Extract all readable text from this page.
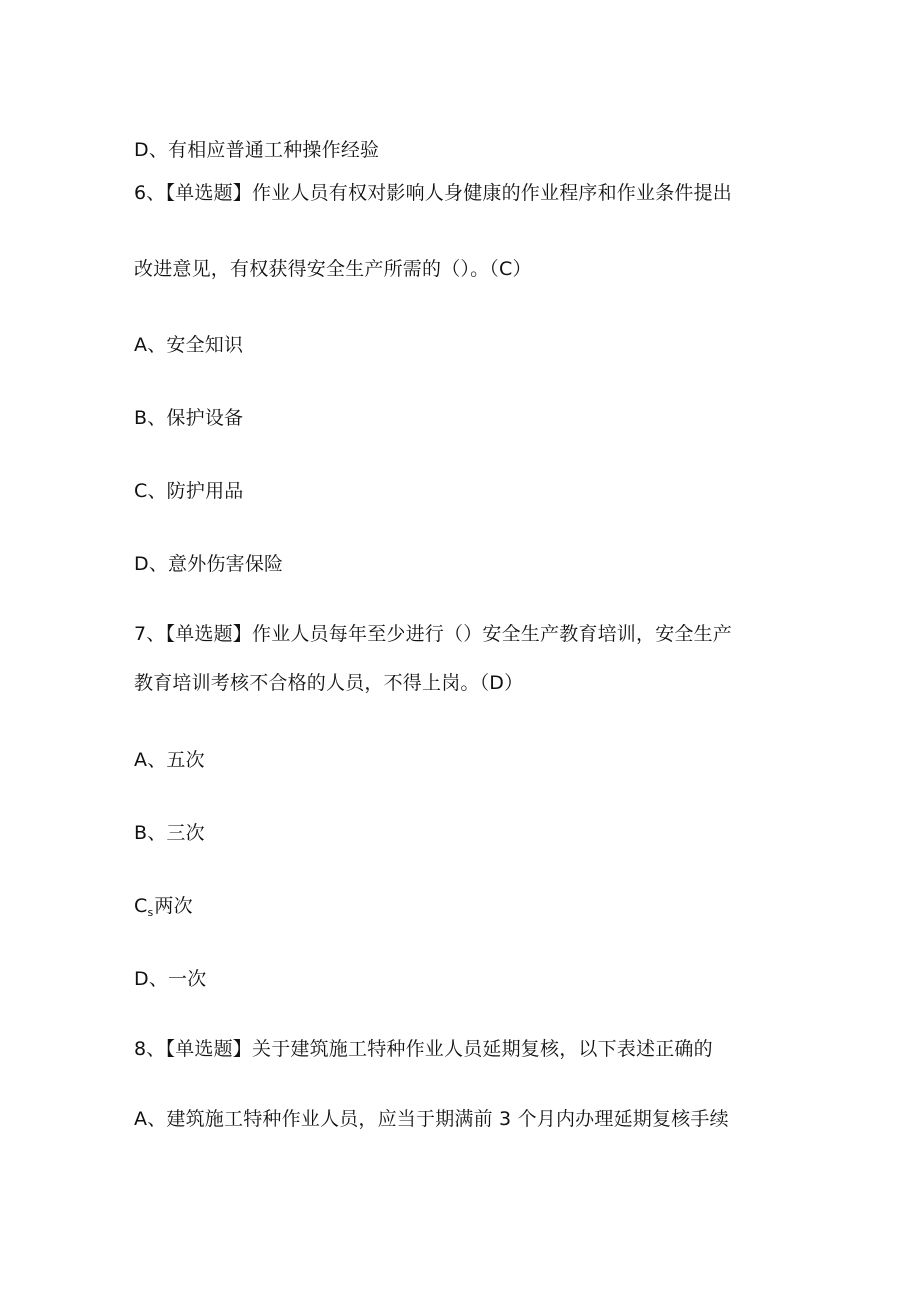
D、有相应普通工种操作经验
6、【单选题】作业人员有权对影响人身健康的作业程序和作业条件提出
改进意见，有权获得安全生产所需的（）。（C）
A、安全知识
B、保护设备
C、防护用品
D、意外伤害保险
7、【单选题】作业人员每年至少进行（）安全生产教育培训，安全生产
教育培训考核不合格的人员，不得上岗。（D）
A、五次
B、三次
$C_s$两次
D、一次
8、【单选题】关于建筑施工特种作业人员延期复核，以下表述正确的
A、建筑施工特种作业人员，应当于期满前 3 个月内办理延期复核手续
